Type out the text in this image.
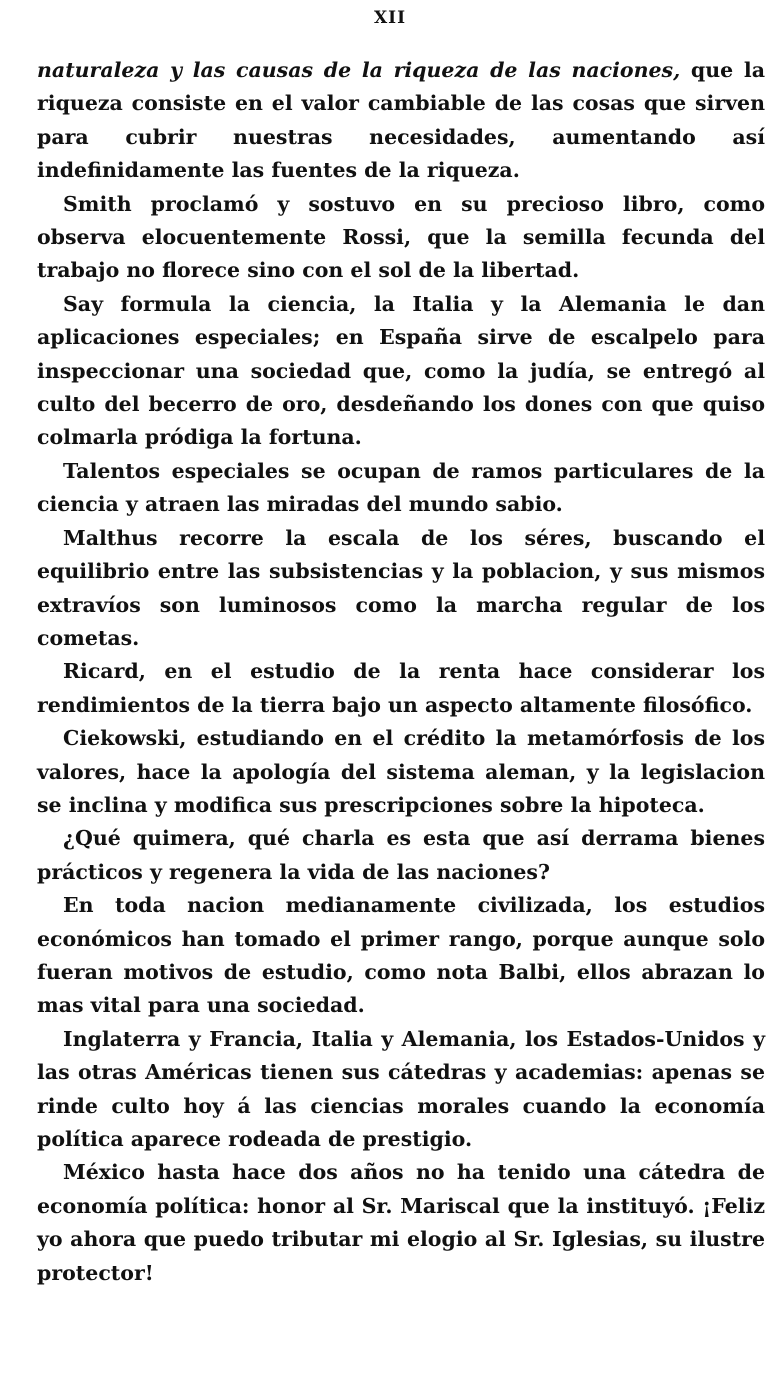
XII

naturaleza y las causas de la riqueza de las naciones, que la riqueza consiste en el valor cambiable de las cosas que sirven para cubrir nuestras necesidades, aumentando así indefinidamente las fuentes de la riqueza.

Smith proclamó y sostuvo en su precioso libro, como observa elocuentemente Rossi, que la semilla fecunda del trabajo no florece sino con el sol de la libertad.

Say formula la ciencia, la Italia y la Alemania le dan aplicaciones especiales; en España sirve de escalpelo para inspeccionar una sociedad que, como la judía, se entregó al culto del becerro de oro, desdeñando los dones con que quiso colmarla pródiga la fortuna.

Talentos especiales se ocupan de ramos particulares de la ciencia y atraen las miradas del mundo sabio.

Malthus recorre la escala de los séres, buscando el equilibrio entre las subsistencias y la poblacion, y sus mismos extravíos son luminosos como la marcha regular de los cometas.

Ricard, en el estudio de la renta hace considerar los rendimientos de la tierra bajo un aspecto altamente filosófico.

Ciekowski, estudiando en el crédito la metamórfosis de los valores, hace la apología del sistema aleman, y la legislacion se inclina y modifica sus prescripciones sobre la hipoteca.

¿Qué quimera, qué charla es esta que así derrama bienes prácticos y regenera la vida de las naciones?

En toda nacion medianamente civilizada, los estudios económicos han tomado el primer rango, porque aunque solo fueran motivos de estudio, como nota Balbi, ellos abrazan lo mas vital para una sociedad.

Inglaterra y Francia, Italia y Alemania, los Estados-Unidos y las otras Américas tienen sus cátedras y academias: apenas se rinde culto hoy á las ciencias morales cuando la economía política aparece rodeada de prestigio.

México hasta hace dos años no ha tenido una cátedra de economía política: honor al Sr. Mariscal que la instituyó. ¡Feliz yo ahora que puedo tributar mi elogio al Sr. Iglesias, su ilustre protector!
